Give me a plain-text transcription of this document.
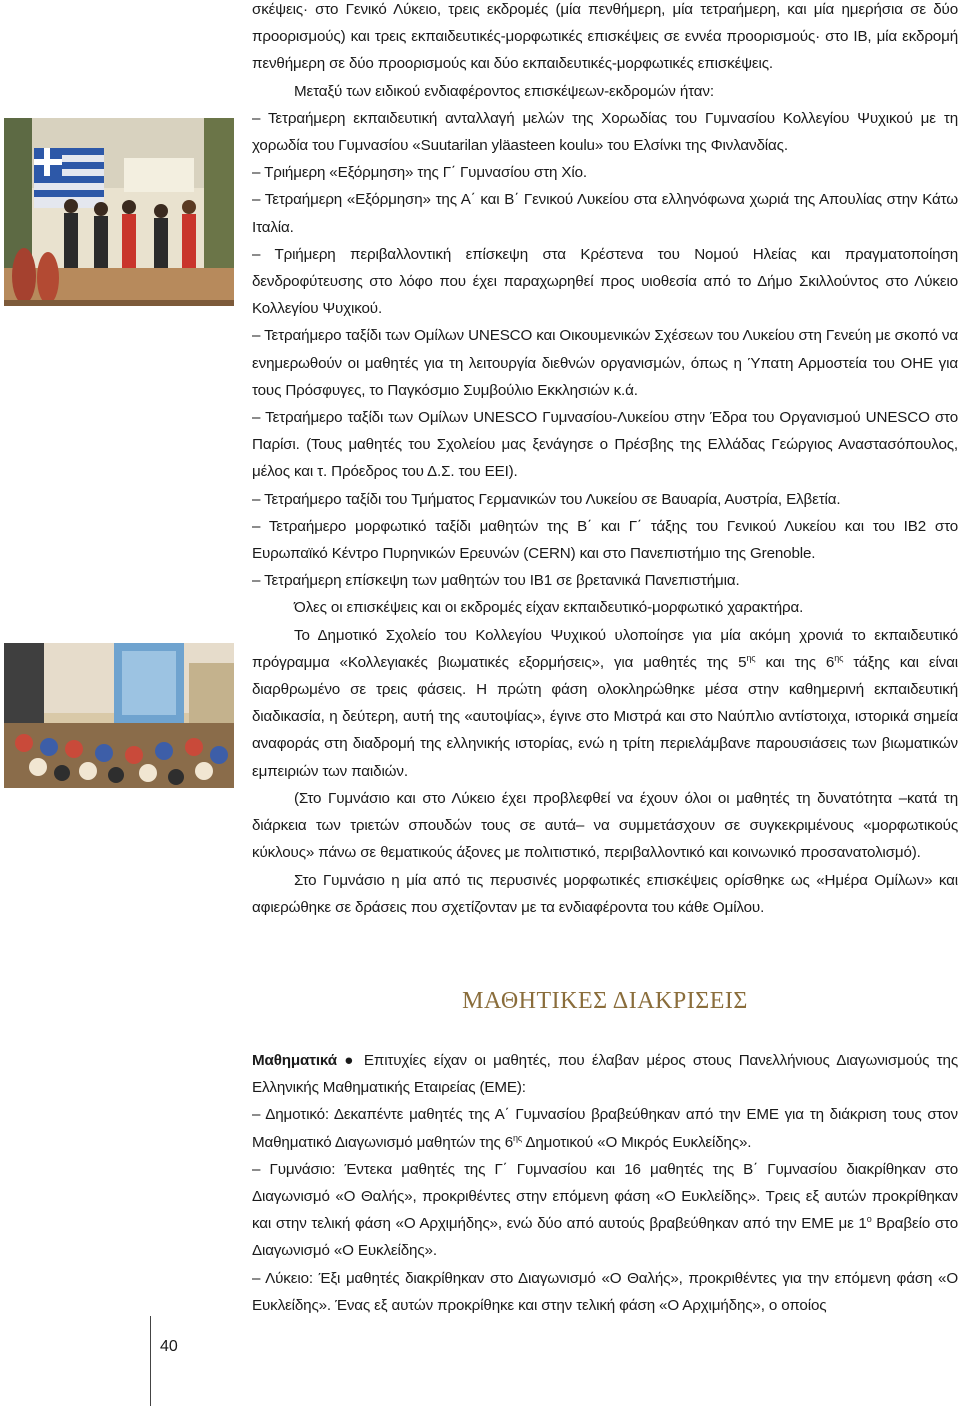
σκέψεις· στο Γενικό Λύκειο, τρεις εκδρομές (μία πενθήμερη, μία τετραήμερη, και μία ημερήσια σε δύο προορισμούς) και τρεις εκπαιδευτικές-μορφωτικές επισκέψεις σε εννέα προορισμούς· στο IB, μία εκδρομή πενθήμερη σε δύο προορισμούς και δύο εκπαιδευτικές-μορφωτικές επισκέψεις.

Μεταξύ των ειδικού ενδιαφέροντος επισκέψεων-εκδρομών ήταν:

– Τετραήμερη εκπαιδευτική ανταλλαγή μελών της Χορωδίας του Γυμνασίου Κολλεγίου Ψυχικού με τη χορωδία του Γυμνασίου «Suutarilan yläasteen koulu» του Ελσίνκι της Φινλανδίας.

– Τριήμερη «Εξόρμηση» της Γ΄ Γυμνασίου στη Χίο.

– Τετραήμερη «Εξόρμηση» της Α΄ και Β΄ Γενικού Λυκείου στα ελληνόφωνα χωριά της Απουλίας στην Κάτω Ιταλία.

– Τριήμερη περιβαλλοντική επίσκεψη στα Κρέστενα του Νομού Ηλείας και πραγματοποίηση δενδροφύτευσης στο λόφο που έχει παραχωρηθεί προς υιοθεσία από το Δήμο Σκιλλούντος στο Λύκειο Κολλεγίου Ψυχικού.

– Τετραήμερο ταξίδι των Ομίλων UNESCO και Οικουμενικών Σχέσεων του Λυκείου στη Γενεύη με σκοπό να ενημερωθούν οι μαθητές για τη λειτουργία διεθνών οργανισμών, όπως η Ύπατη Αρμοστεία του ΟΗΕ για τους Πρόσφυγες, το Παγκόσμιο Συμβούλιο Εκκλησιών κ.ά.

– Τετραήμερο ταξίδι των Ομίλων UNESCO Γυμνασίου-Λυκείου στην Έδρα του Οργανισμού UNESCO στο Παρίσι. (Τους μαθητές του Σχολείου μας ξενάγησε ο Πρέσβης της Ελλάδας Γεώργιος Αναστασόπουλος, μέλος και τ. Πρόεδρος του Δ.Σ. του ΕΕΙ).

– Τετραήμερο ταξίδι του Τμήματος Γερμανικών του Λυκείου σε Βαυαρία, Αυστρία, Ελβετία.

– Τετραήμερο μορφωτικό ταξίδι μαθητών της Β΄ και Γ΄ τάξης του Γενικού Λυκείου και του IB2 στο Ευρωπαϊκό Κέντρο Πυρηνικών Ερευνών (CERN) και στο Πανεπιστήμιο της Grenoble.

– Τετραήμερη επίσκεψη των μαθητών του IB1 σε βρετανικά Πανεπιστήμια.

Όλες οι επισκέψεις και οι εκδρομές είχαν εκπαιδευτικό-μορφωτικό χαρακτήρα.

Το Δημοτικό Σχολείο του Κολλεγίου Ψυχικού υλοποίησε για μία ακόμη χρονιά το εκπαιδευτικό πρόγραμμα «Κολλεγιακές βιωματικές εξορμήσεις», για μαθητές της $5^{\eta\varsigma}$ και της $6^{\eta\varsigma}$ τάξης και είναι διαρθρωμένο σε τρεις φάσεις. Η πρώτη φάση ολοκληρώθηκε μέσα στην καθημερινή εκπαιδευτική διαδικασία, η δεύτερη, αυτή της «αυτοψίας», έγινε στο Μιστρά και στο Ναύπλιο αντίστοιχα, ιστορικά σημεία αναφοράς στη διαδρομή της ελληνικής ιστορίας, ενώ η τρίτη περιελάμβανε παρουσιάσεις των βιωματικών εμπειριών των παιδιών.

(Στο Γυμνάσιο και στο Λύκειο έχει προβλεφθεί να έχουν όλοι οι μαθητές τη δυνατότητα –κατά τη διάρκεια των τριετών σπουδών τους σε αυτά– να συμμετάσχουν σε συγκεκριμένους «μορφωτικούς κύκλους» πάνω σε θεματικούς άξονες με πολιτιστικό, περιβαλλοντικό και κοινωνικό προσανατολισμό).

Στο Γυμνάσιο η μία από τις περυσινές μορφωτικές επισκέψεις ορίσθηκε ως «Ημέρα Ομίλων» και αφιερώθηκε σε δράσεις που σχετίζονταν με τα ενδιαφέροντα του κάθε Ομίλου.

ΜΑΘΗΤΙΚΕΣ ΔΙΑΚΡΙΣΕΙΣ

Μαθηματικά ● Επιτυχίες είχαν οι μαθητές, που έλαβαν μέρος στους Πανελλήνιους Διαγωνισμούς της Ελληνικής Μαθηματικής Εταιρείας (ΕΜΕ):

– Δημοτικό: Δεκαπέντε μαθητές της Α΄ Γυμνασίου βραβεύθηκαν από την ΕΜΕ για τη διάκριση τους στον Μαθηματικό Διαγωνισμό μαθητών της $6^{\eta\varsigma}$ Δημοτικού «Ο Μικρός Ευκλείδης».

– Γυμνάσιο: Έντεκα μαθητές της Γ΄ Γυμνασίου και 16 μαθητές της Β΄ Γυμνασίου διακρίθηκαν στο Διαγωνισμό «Ο Θαλής», προκριθέντες στην επόμενη φάση «Ο Ευκλείδης». Τρεις εξ αυτών προκρίθηκαν και στην τελική φάση «Ο Αρχιμήδης», ενώ δύο από αυτούς βραβεύθηκαν από την ΕΜΕ με $1^o$ Βραβείο στο Διαγωνισμό «Ο Ευκλείδης».

– Λύκειο: Έξι μαθητές διακρίθηκαν στο Διαγωνισμό «Ο Θαλής», προκριθέντες για την επόμενη φάση «Ο Ευκλείδης». Ένας εξ αυτών προκρίθηκε και στην τελική φάση «Ο Αρχιμήδης», ο οποίος

40
